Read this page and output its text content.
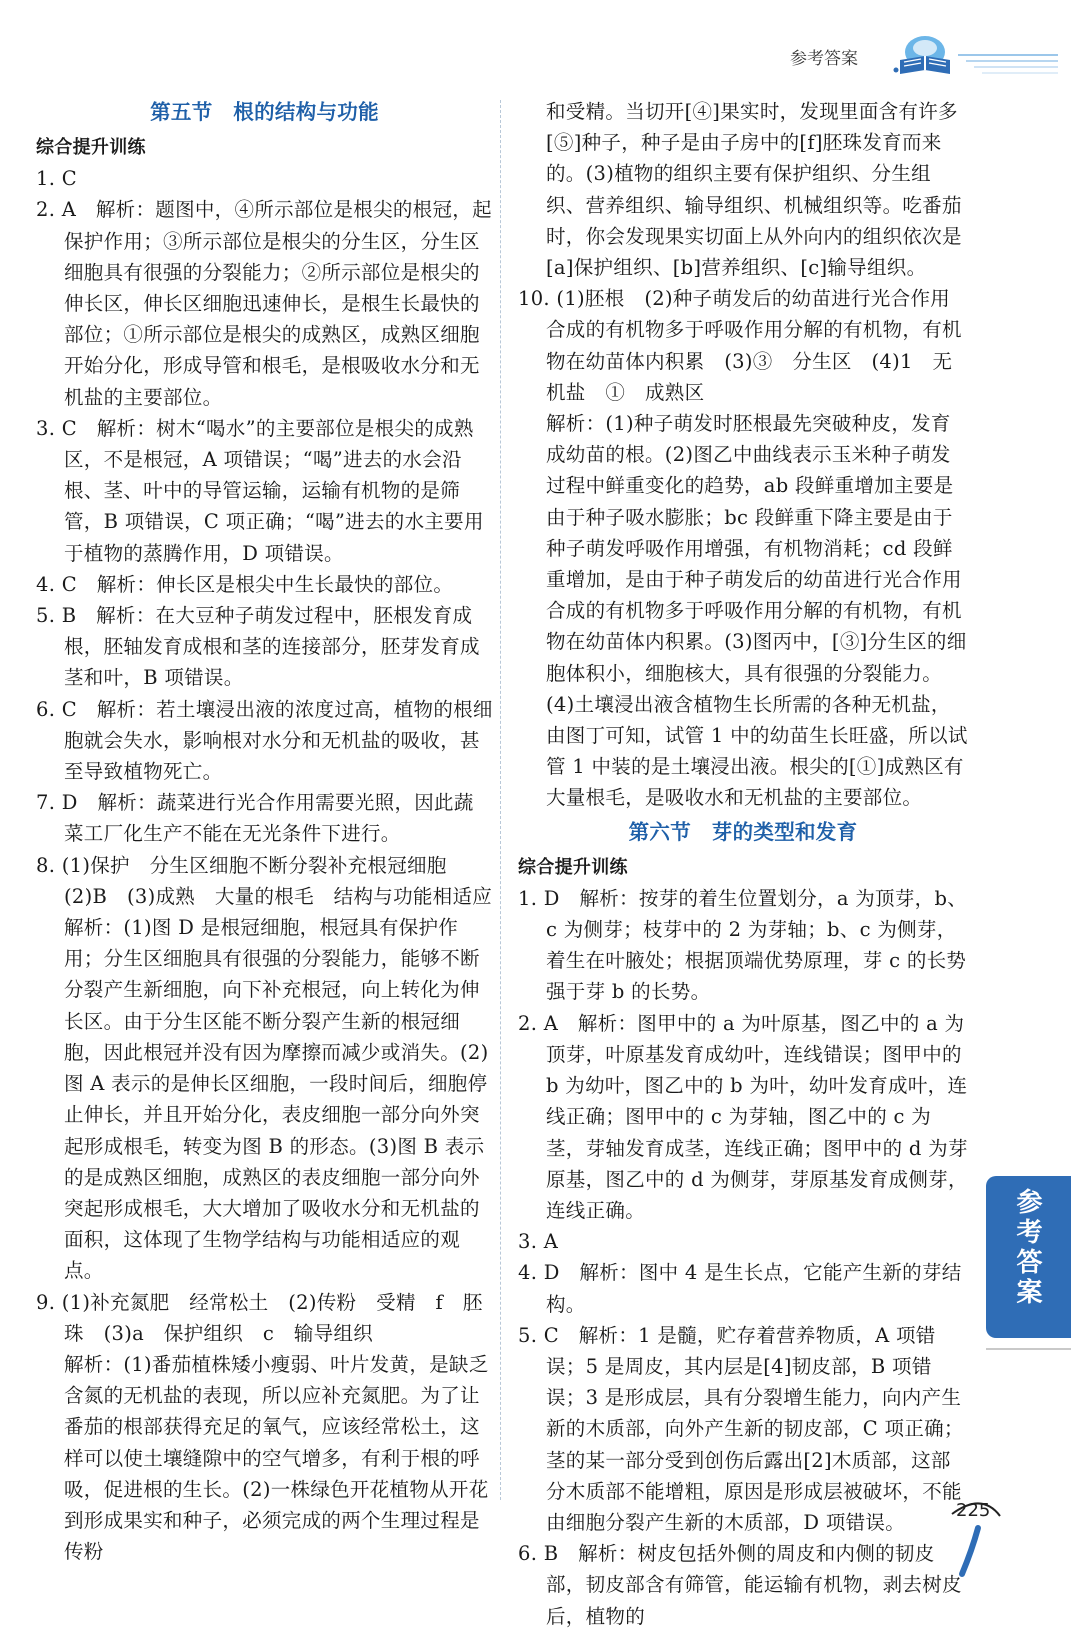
参考答案
第五节　根的结构与功能
综合提升训练

1. C

2. A　解析：题图中，④所示部位是根尖的根冠，起保护作用；③所示部位是根尖的分生区，分生区细胞具有很强的分裂能力；②所示部位是根尖的伸长区，伸长区细胞迅速伸长，是根生长最快的部位；①所示部位是根尖的成熟区，成熟区细胞开始分化，形成导管和根毛，是根吸收水分和无机盐的主要部位。

3. C　解析：树木“喝水”的主要部位是根尖的成熟区，不是根冠，A 项错误；“喝”进去的水会沿根、茎、叶中的导管运输，运输有机物的是筛管，B 项错误，C 项正确；“喝”进去的水主要用于植物的蒸腾作用，D 项错误。

4. C　解析：伸长区是根尖中生长最快的部位。

5. B　解析：在大豆种子萌发过程中，胚根发育成根，胚轴发育成根和茎的连接部分，胚芽发育成茎和叶，B 项错误。

6. C　解析：若土壤浸出液的浓度过高，植物的根细胞就会失水，影响根对水分和无机盐的吸收，甚至导致植物死亡。

7. D　解析：蔬菜进行光合作用需要光照，因此蔬菜工厂化生产不能在无光条件下进行。

8. (1)保护　分生区细胞不断分裂补充根冠细胞　(2)B　(3)成熟　大量的根毛　结构与功能相适应

解析：(1)图 D 是根冠细胞，根冠具有保护作用；分生区细胞具有很强的分裂能力，能够不断分裂产生新细胞，向下补充根冠，向上转化为伸长区。由于分生区能不断分裂产生新的根冠细胞，因此根冠并没有因为摩擦而减少或消失。(2)图 A 表示的是伸长区细胞，一段时间后，细胞停止伸长，并且开始分化，表皮细胞一部分向外突起形成根毛，转变为图 B 的形态。(3)图 B 表示的是成熟区细胞，成熟区的表皮细胞一部分向外突起形成根毛，大大增加了吸收水分和无机盐的面积，这体现了生物学结构与功能相适应的观点。

9. (1)补充氮肥　经常松土　(2)传粉　受精　f　胚珠　(3)a　保护组织　c　输导组织

解析：(1)番茄植株矮小瘦弱、叶片发黄，是缺乏含氮的无机盐的表现，所以应补充氮肥。为了让番茄的根部获得充足的氧气，应该经常松土，这样可以使土壤缝隙中的空气增多，有利于根的呼吸，促进根的生长。(2)一株绿色开花植物从开花到形成果实和种子，必须完成的两个生理过程是传粉

和受精。当切开[④]果实时，发现里面含有许多[⑤]种子，种子是由子房中的[f]胚珠发育而来的。(3)植物的组织主要有保护组织、分生组织、营养组织、输导组织、机械组织等。吃番茄时，你会发现果实切面上从外向内的组织依次是[a]保护组织、[b]营养组织、[c]输导组织。

10. (1)胚根　(2)种子萌发后的幼苗进行光合作用合成的有机物多于呼吸作用分解的有机物，有机物在幼苗体内积累　(3)③　分生区　(4)1　无机盐　①　成熟区

解析：(1)种子萌发时胚根最先突破种皮，发育成幼苗的根。(2)图乙中曲线表示玉米种子萌发过程中鲜重变化的趋势，ab 段鲜重增加主要是由于种子吸水膨胀；bc 段鲜重下降主要是由于种子萌发呼吸作用增强，有机物消耗；cd 段鲜重增加，是由于种子萌发后的幼苗进行光合作用合成的有机物多于呼吸作用分解的有机物，有机物在幼苗体内积累。(3)图丙中，[③]分生区的细胞体积小，细胞核大，具有很强的分裂能力。(4)土壤浸出液含植物生长所需的各种无机盐，由图丁可知，试管 1 中的幼苗生长旺盛，所以试管 1 中装的是土壤浸出液。根尖的[①]成熟区有大量根毛，是吸收水和无机盐的主要部位。

第六节　芽的类型和发育
综合提升训练

1. D　解析：按芽的着生位置划分，a 为顶芽，b、c 为侧芽；枝芽中的 2 为芽轴；b、c 为侧芽，着生在叶腋处；根据顶端优势原理，芽 c 的长势强于芽 b 的长势。

2. A　解析：图甲中的 a 为叶原基，图乙中的 a 为顶芽，叶原基发育成幼叶，连线错误；图甲中的 b 为幼叶，图乙中的 b 为叶，幼叶发育成叶，连线正确；图甲中的 c 为芽轴，图乙中的 c 为茎，芽轴发育成茎，连线正确；图甲中的 d 为芽原基，图乙中的 d 为侧芽，芽原基发育成侧芽，连线正确。

3. A

4. D　解析：图中 4 是生长点，它能产生新的芽结构。

5. C　解析：1 是髓，贮存着营养物质，A 项错误；5 是周皮，其内层是[4]韧皮部，B 项错误；3 是形成层，具有分裂增生能力，向内产生新的木质部，向外产生新的韧皮部，C 项正确；茎的某一部分受到创伤后露出[2]木质部，这部分木质部不能增粗，原因是形成层被破坏，不能由细胞分裂产生新的木质部，D 项错误。

6. B　解析：树皮包括外侧的周皮和内侧的韧皮部，韧皮部含有筛管，能运输有机物，剥去树皮后，植物的

参考答案
225
